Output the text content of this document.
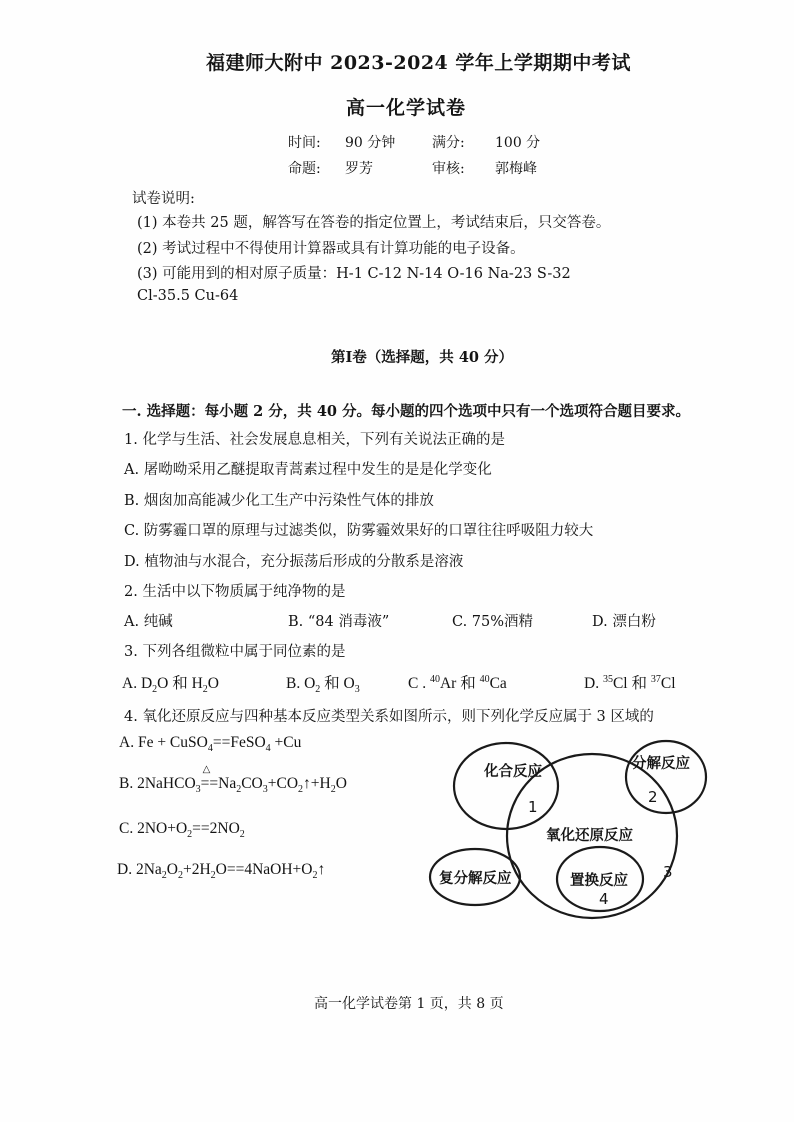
福建师大附中 2023-2024 学年上学期期中考试
高一化学试卷
时间: 90 分钟	满分: 100 分
命题: 罗芳	审核: 郭梅峰
试卷说明:
(1) 本卷共 25 题，解答写在答卷的指定位置上，考试结束后，只交答卷。
(2) 考试过程中不得使用计算器或具有计算功能的电子设备。
(3) 可能用到的相对原子质量：H-1 C-12 N-14 O-16 Na-23 S-32
Cl-35.5 Cu-64
第Ⅰ卷（选择题，共 40 分）
一. 选择题：每小题 2 分，共 40 分。每小题的四个选项中只有一个选项符合题目要求。
1. 化学与生活、社会发展息息相关，下列有关说法正确的是
A. 屠呦呦采用乙醚提取青蒿素过程中发生的是是化学变化
B. 烟囱加高能减少化工生产中污染性气体的排放
C. 防雾霾口罩的原理与过滤类似，防雾霾效果好的口罩往往呼吸阻力较大
D. 植物油与水混合，充分振荡后形成的分散系是溶液
2. 生活中以下物质属于纯净物的是
A. 纯碱	B. “84 消毒液”	C. 75%酒精	D. 漂白粉
3. 下列各组微粒中属于同位素的是
A. $D_2O$ 和 $H_2O$	B. $O_2$ 和 $O_3$	C . $^{40}$Ar 和 $^{40}$Ca	D. $^{35}$Cl 和 $^{37}$Cl
4. 氧化还原反应与四种基本反应类型关系如图所示，则下列化学反应属于 3 区域的
A. Fe + CuSO$_4$==FeSO$_4$ +Cu
B. 2NaHCO$_3$
△
$==Na_2CO_3+CO_2↑+H_2O$
C. $2NO+O_2==2NO_2$
D. $2Na_2O_2+2H_2O==4NaOH+O_2↑$
化合反应	分解反应
氧化还原反应
复分解反应	置换反应
1
2
3
4
高一化学试卷第 1 页，共 8 页
